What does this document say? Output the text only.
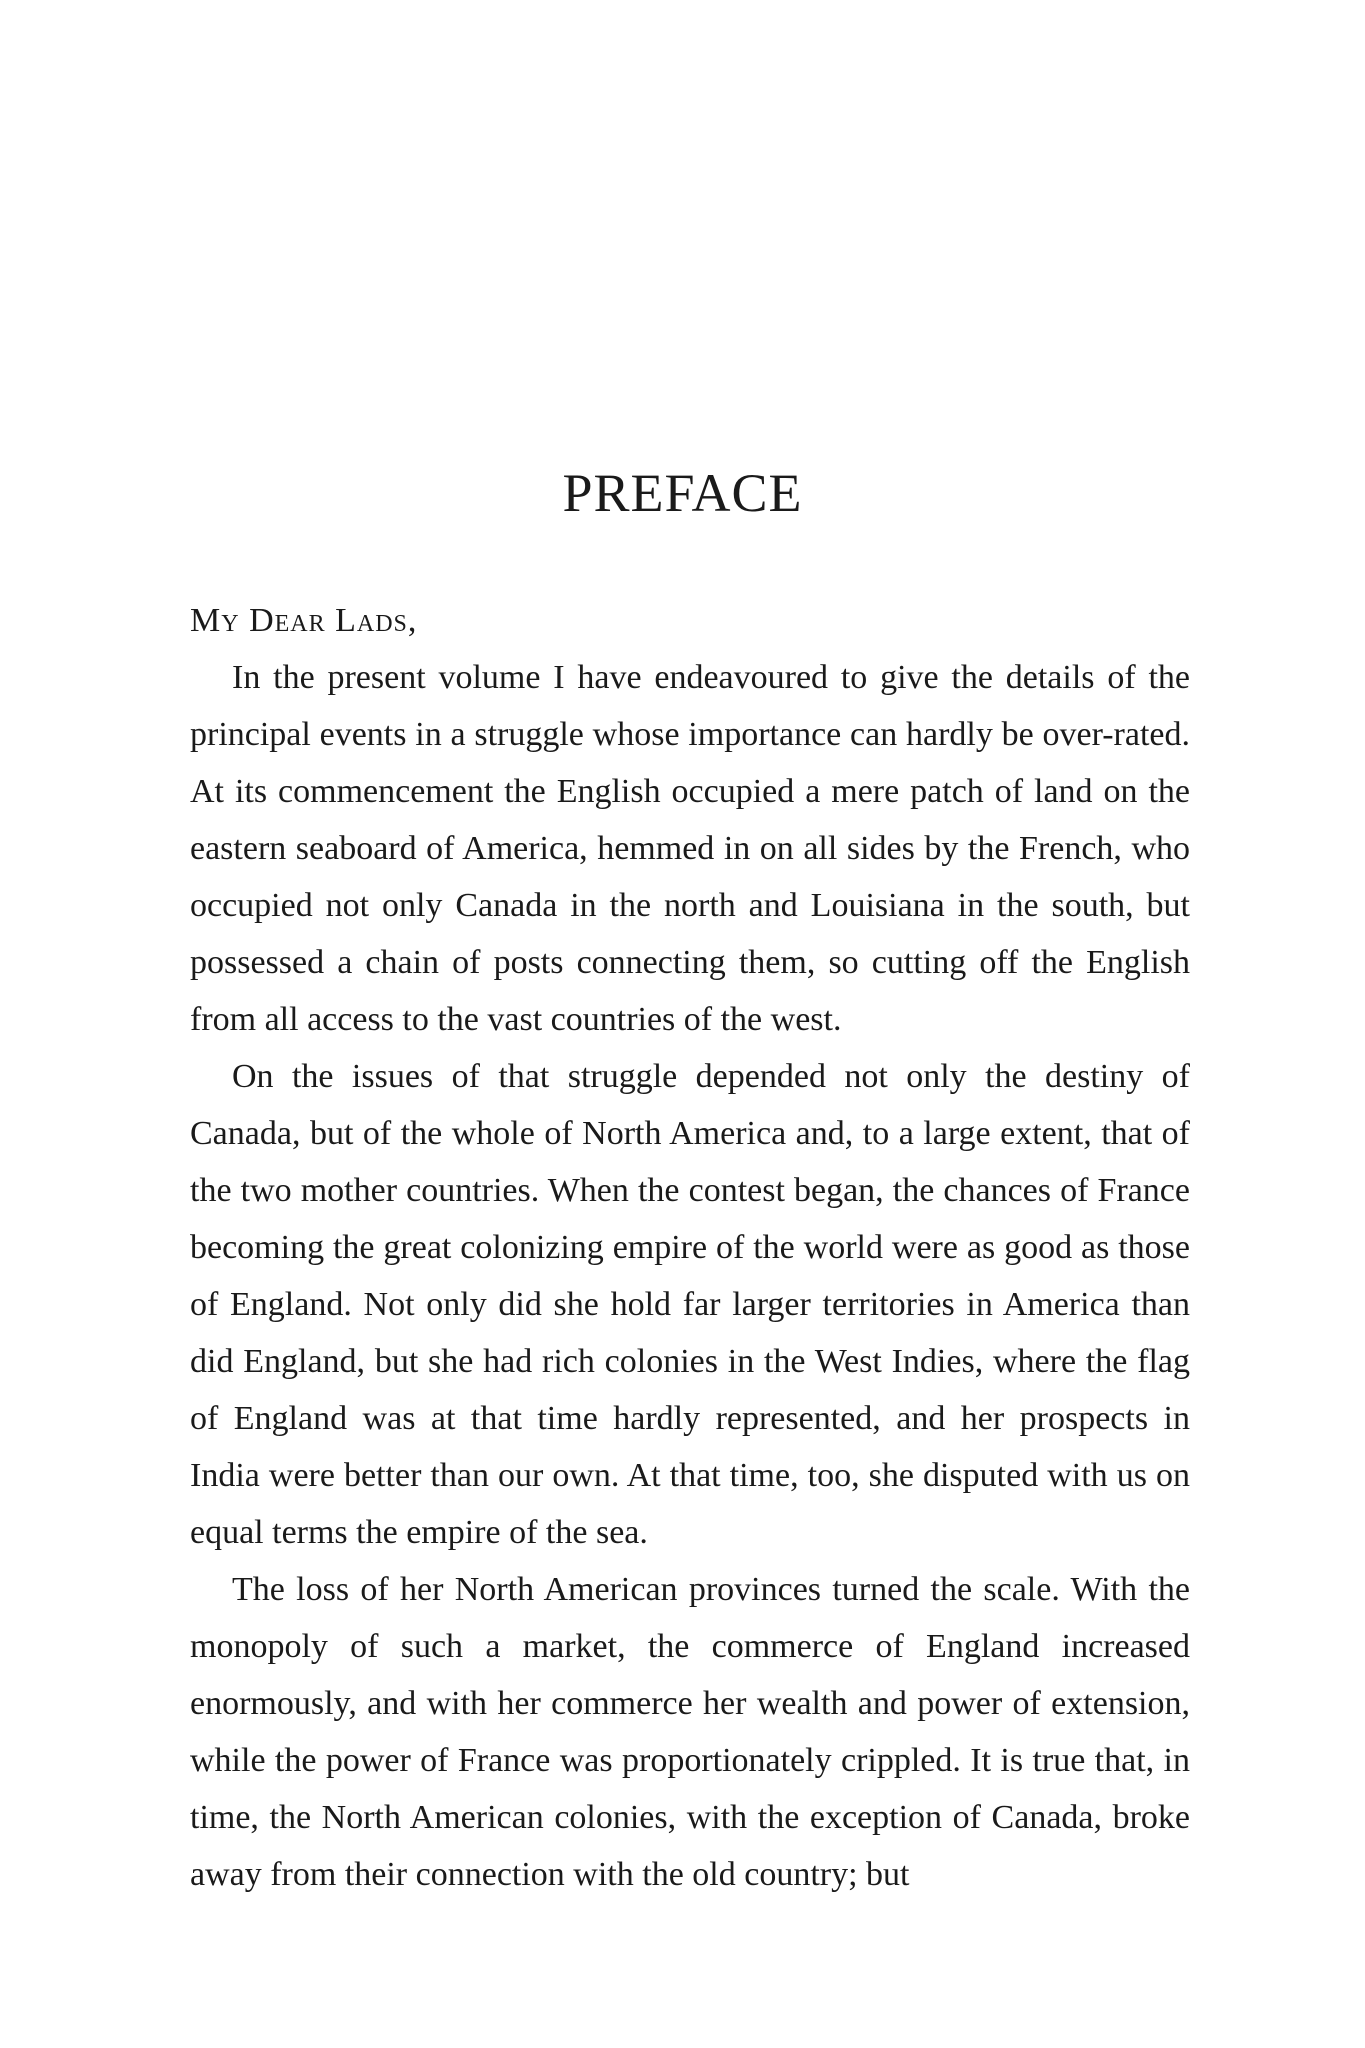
PREFACE

My Dear Lads,

In the present volume I have endeavoured to give the details of the principal events in a struggle whose importance can hardly be over-rated. At its commencement the English occupied a mere patch of land on the eastern seaboard of America, hemmed in on all sides by the French, who occupied not only Canada in the north and Louisiana in the south, but possessed a chain of posts connecting them, so cutting off the English from all access to the vast countries of the west.

On the issues of that struggle depended not only the destiny of Canada, but of the whole of North America and, to a large extent, that of the two mother countries. When the contest began, the chances of France becoming the great colonizing empire of the world were as good as those of England. Not only did she hold far larger territories in America than did England, but she had rich colonies in the West Indies, where the flag of England was at that time hardly represented, and her prospects in India were better than our own. At that time, too, she disputed with us on equal terms the empire of the sea.

The loss of her North American provinces turned the scale. With the monopoly of such a market, the commerce of England increased enormously, and with her commerce her wealth and power of extension, while the power of France was proportionately crippled. It is true that, in time, the North American colonies, with the exception of Canada, broke away from their connection with the old country; but
